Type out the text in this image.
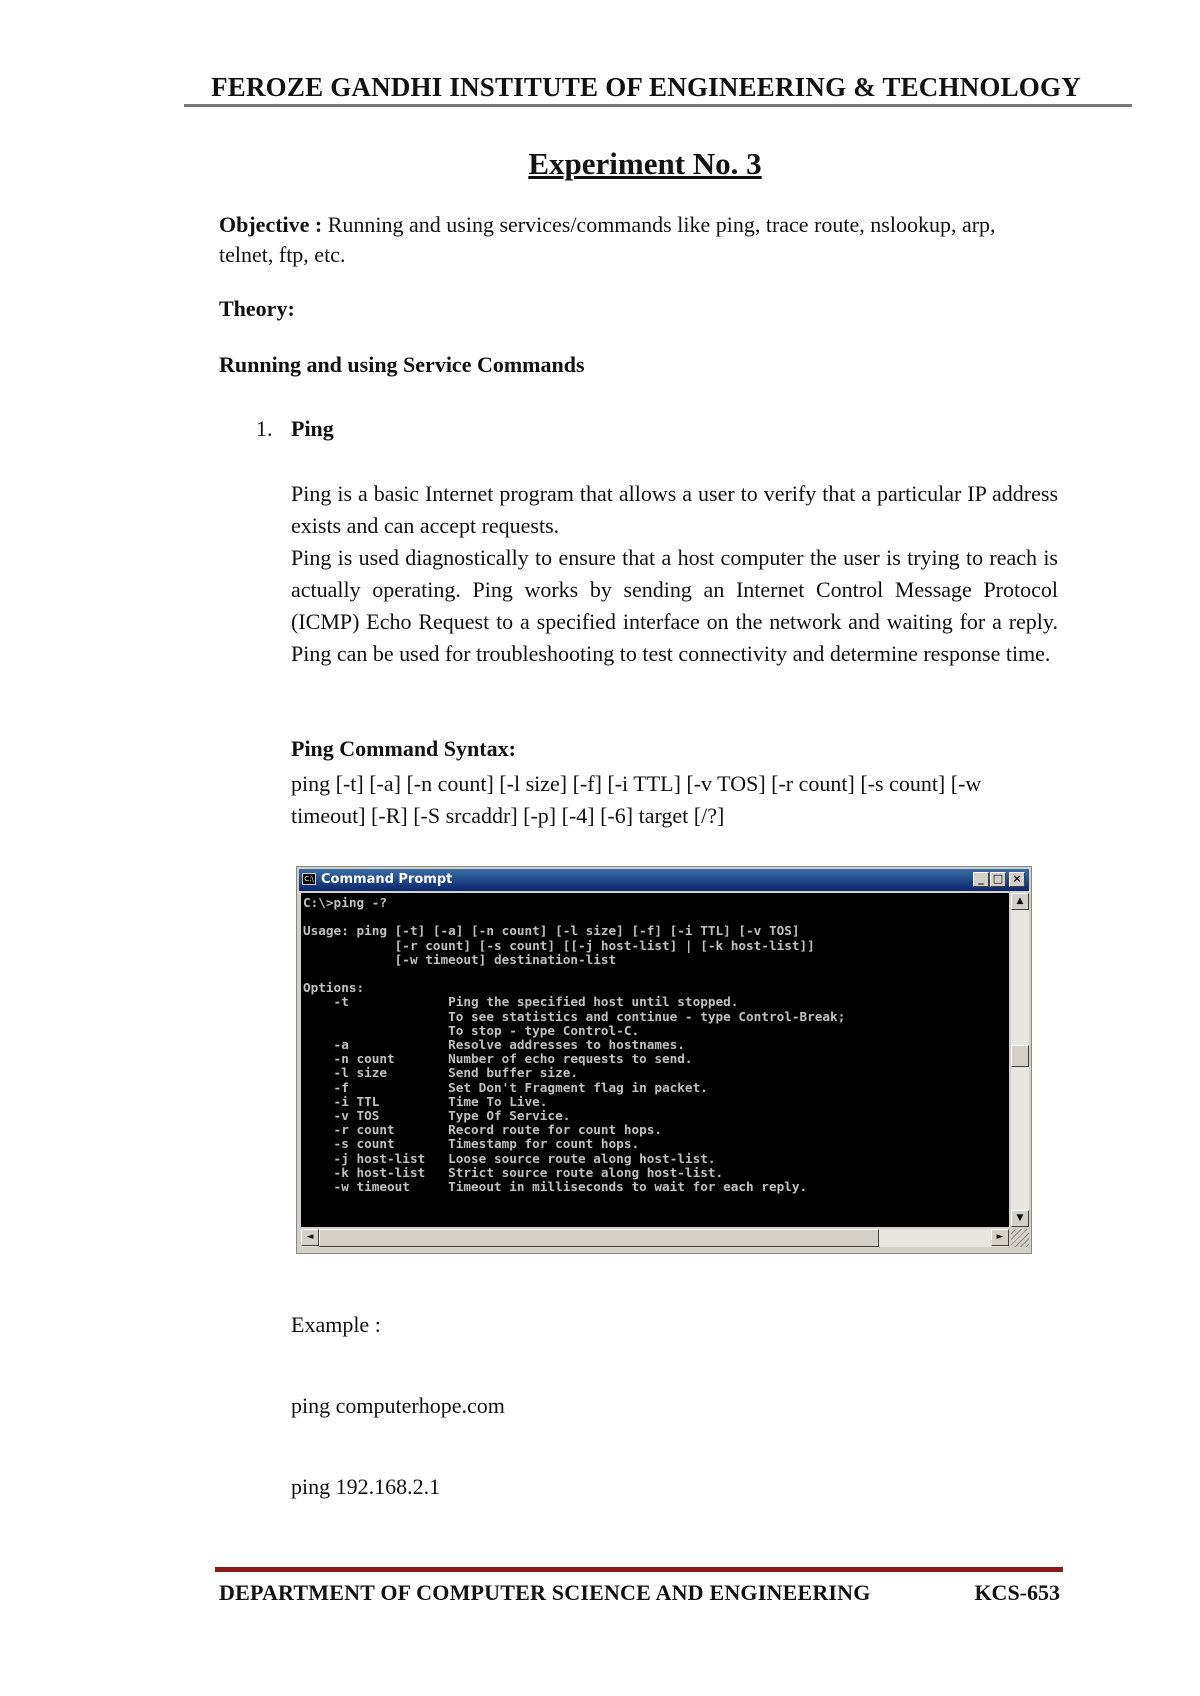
FEROZE GANDHI INSTITUTE OF ENGINEERING & TECHNOLOGY
Experiment No. 3
Objective : Running and using services/commands like ping, trace route, nslookup, arp, telnet, ftp, etc.
Theory:
Running and using Service Commands
1. Ping
Ping is a basic Internet program that allows a user to verify that a particular IP address exists and can accept requests.
Ping is used diagnostically to ensure that a host computer the user is trying to reach is actually operating. Ping works by sending an Internet Control Message Protocol (ICMP) Echo Request to a specified interface on the network and waiting for a reply. Ping can be used for troubleshooting to test connectivity and determine response time.
Ping Command Syntax:
ping [-t] [-a] [-n count] [-l size] [-f] [-i TTL] [-v TOS] [-r count] [-s count] [-w timeout] [-R] [-S srcaddr] [-p] [-4] [-6] target [/?]
C:\ Command Prompt	_ □ ×
C:\>ping -?

Usage: ping [-t] [-a] [-n count] [-l size] [-f] [-i TTL] [-v TOS]
[-r count] [-s count] [[-j host-list] | [-k host-list]]
[-w timeout] destination-list

Options:
-t             Ping the specified host until stopped.
To see statistics and continue - type Control-Break;
To stop - type Control-C.
-a             Resolve addresses to hostnames.
-n count       Number of echo requests to send.
-l size        Send buffer size.
-f             Set Don't Fragment flag in packet.
-i TTL         Time To Live.
-v TOS         Type Of Service.
-r count       Record route for count hops.
-s count       Timestamp for count hops.
-j host-list   Loose source route along host-list.
-k host-list   Strict source route along host-list.
-w timeout     Timeout in milliseconds to wait for each reply.
▲
▼
◄	►
Example :
ping computerhope.com
ping 192.168.2.1
DEPARTMENT OF COMPUTER SCIENCE AND ENGINEERING	KCS-653
